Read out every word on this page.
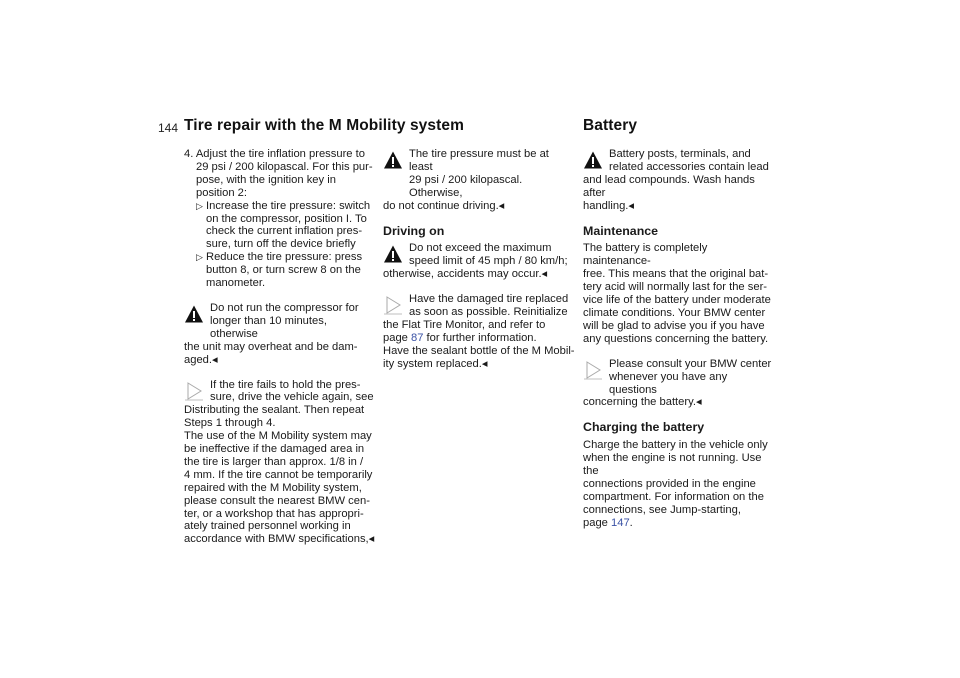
144 Tire repair with the M Mobility system	Battery

4. Adjust the tire inflation pressure to

29 psi / 200 kilopascal. For this pur-

pose, with the ignition key in

position 2:

▷ Increase the tire pressure: switch

on the compressor, position I. To

check the current inflation pres-

sure, turn off the device briefly

▷ Reduce the tire pressure: press

button 8, or turn screw 8 on the

manometer.

Do not run the compressor for

longer than 10 minutes, otherwise

the unit may overheat and be dam-

aged.◂

If the tire fails to hold the pres-

sure, drive the vehicle again, see

Distributing the sealant. Then repeat

Steps 1 through 4.

The use of the M Mobility system may

be ineffective if the damaged area in

the tire is larger than approx. 1/8 in /

4 mm. If the tire cannot be temporarily

repaired with the M Mobility system,

please consult the nearest BMW cen-

ter, or a workshop that has appropri-

ately trained personnel working in

accordance with BMW specifications,◂

The tire pressure must be at least

29 psi / 200 kilopascal. Otherwise,

do not continue driving.◂

Driving on

Do not exceed the maximum

speed limit of 45 mph / 80 km/h;

otherwise, accidents may occur.◂

Have the damaged tire replaced

as soon as possible. Reinitialize

the Flat Tire Monitor, and refer to

page 87 for further information.

Have the sealant bottle of the M Mobil-

ity system replaced.◂

Battery posts, terminals, and

related accessories contain lead

and lead compounds. Wash hands after

handling.◂

Maintenance

The battery is completely maintenance-

free. This means that the original bat-

tery acid will normally last for the ser-

vice life of the battery under moderate

climate conditions. Your BMW center

will be glad to advise you if you have

any questions concerning the battery.

Please consult your BMW center

whenever you have any questions

concerning the battery.◂

Charging the battery

Charge the battery in the vehicle only

when the engine is not running. Use the

connections provided in the engine

compartment. For information on the

connections, see Jump-starting,

page 147.
